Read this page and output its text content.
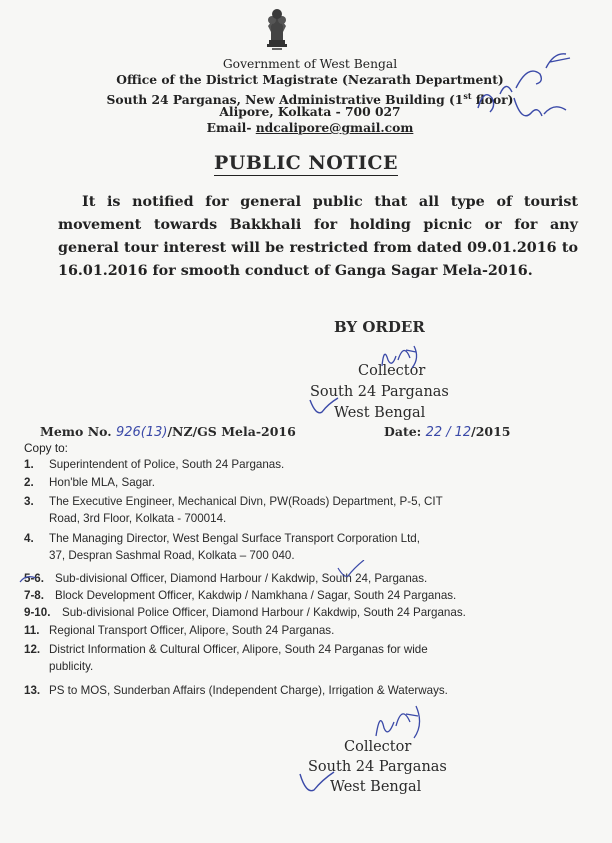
Government of West Bengal
Office of the District Magistrate (Nezarath Department)
South 24 Parganas, New Administrative Building (1st floor)
Alipore, Kolkata - 700 027
Email- ndcalipore@gmail.com
PUBLIC NOTICE
It is notified for general public that all type of tourist movement towards Bakkhali for holding picnic or for any general tour interest will be restricted from dated 09.01.2016 to 16.01.2016 for smooth conduct of Ganga Sagar Mela-2016.
BY ORDER
Collector
South 24 Parganas
West Bengal
Memo No. 926(13)/NZ/GS Mela-2016	Date: 22 / 12/2015
Copy to:
1. Superintendent of Police, South 24 Parganas.
2. Hon'ble MLA, Sagar.
3. The Executive Engineer, Mechanical Divn, PW(Roads) Department, P-5, CIT
Road, 3rd Floor, Kolkata - 700014.
4. The Managing Director, West Bengal Surface Transport Corporation Ltd,
37, Despran Sashmal Road, Kolkata – 700 040.
5-6. Sub-divisional Officer, Diamond Harbour / Kakdwip, South 24, Parganas.
7-8. Block Development Officer, Kakdwip / Namkhana / Sagar, South 24 Parganas.
9-10. Sub-divisional Police Officer, Diamond Harbour / Kakdwip, South 24 Parganas.
11. Regional Transport Officer, Alipore, South 24 Parganas.
12. District Information & Cultural Officer, Alipore, South 24 Parganas for wide
publicity.
13. PS to MOS, Sunderban Affairs (Independent Charge), Irrigation & Waterways.
Collector
South 24 Parganas
West Bengal
